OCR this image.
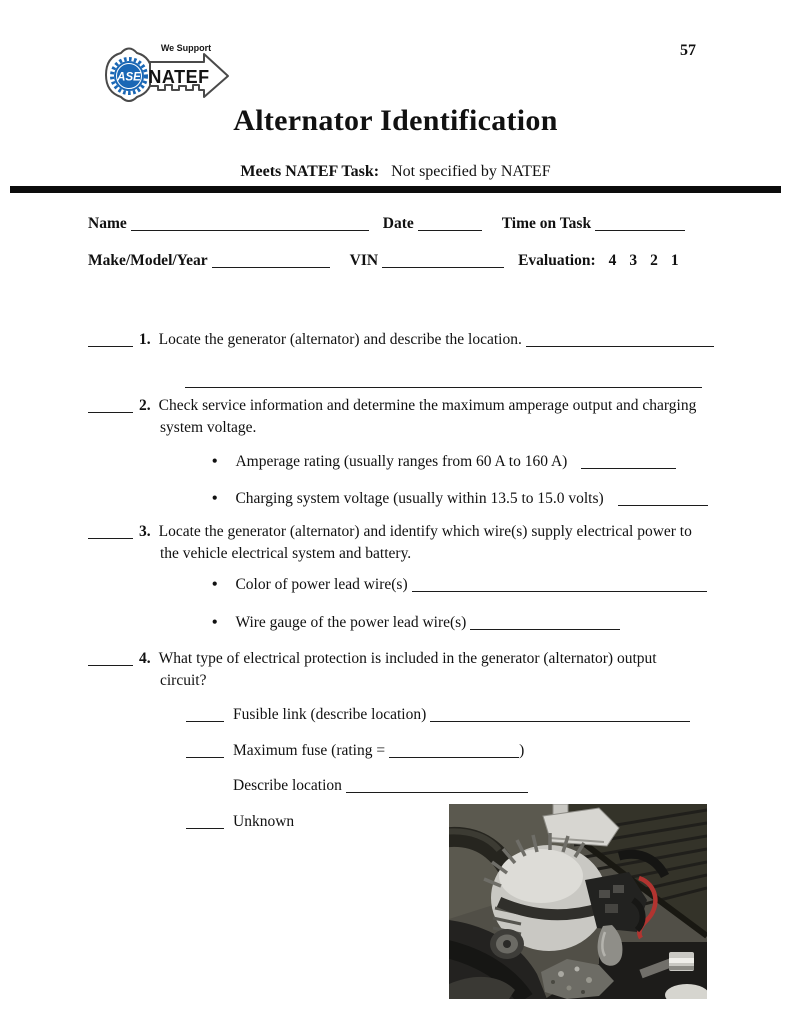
57
ASE
We Support
NATEF
Alternator Identification
Meets NATEF Task: Not specified by NATEF
Name	Date	Time on Task
Make/Model/Year	VIN	Evaluation: 4 3 2 1
1. Locate the generator (alternator) and describe the location.
2. Check service information and determine the maximum amperage output and charging
system voltage.
• Amperage rating (usually ranges from 60 A to 160 A)
• Charging system voltage (usually within 13.5 to 15.0 volts)
3. Locate the generator (alternator) and identify which wire(s) supply electrical power to
the vehicle electrical system and battery.
• Color of power lead wire(s)
• Wire gauge of the power lead wire(s)
4. What type of electrical protection is included in the generator (alternator) output
circuit?
Fusible link (describe location)
Maximum fuse (rating =	)
Describe location
Unknown
